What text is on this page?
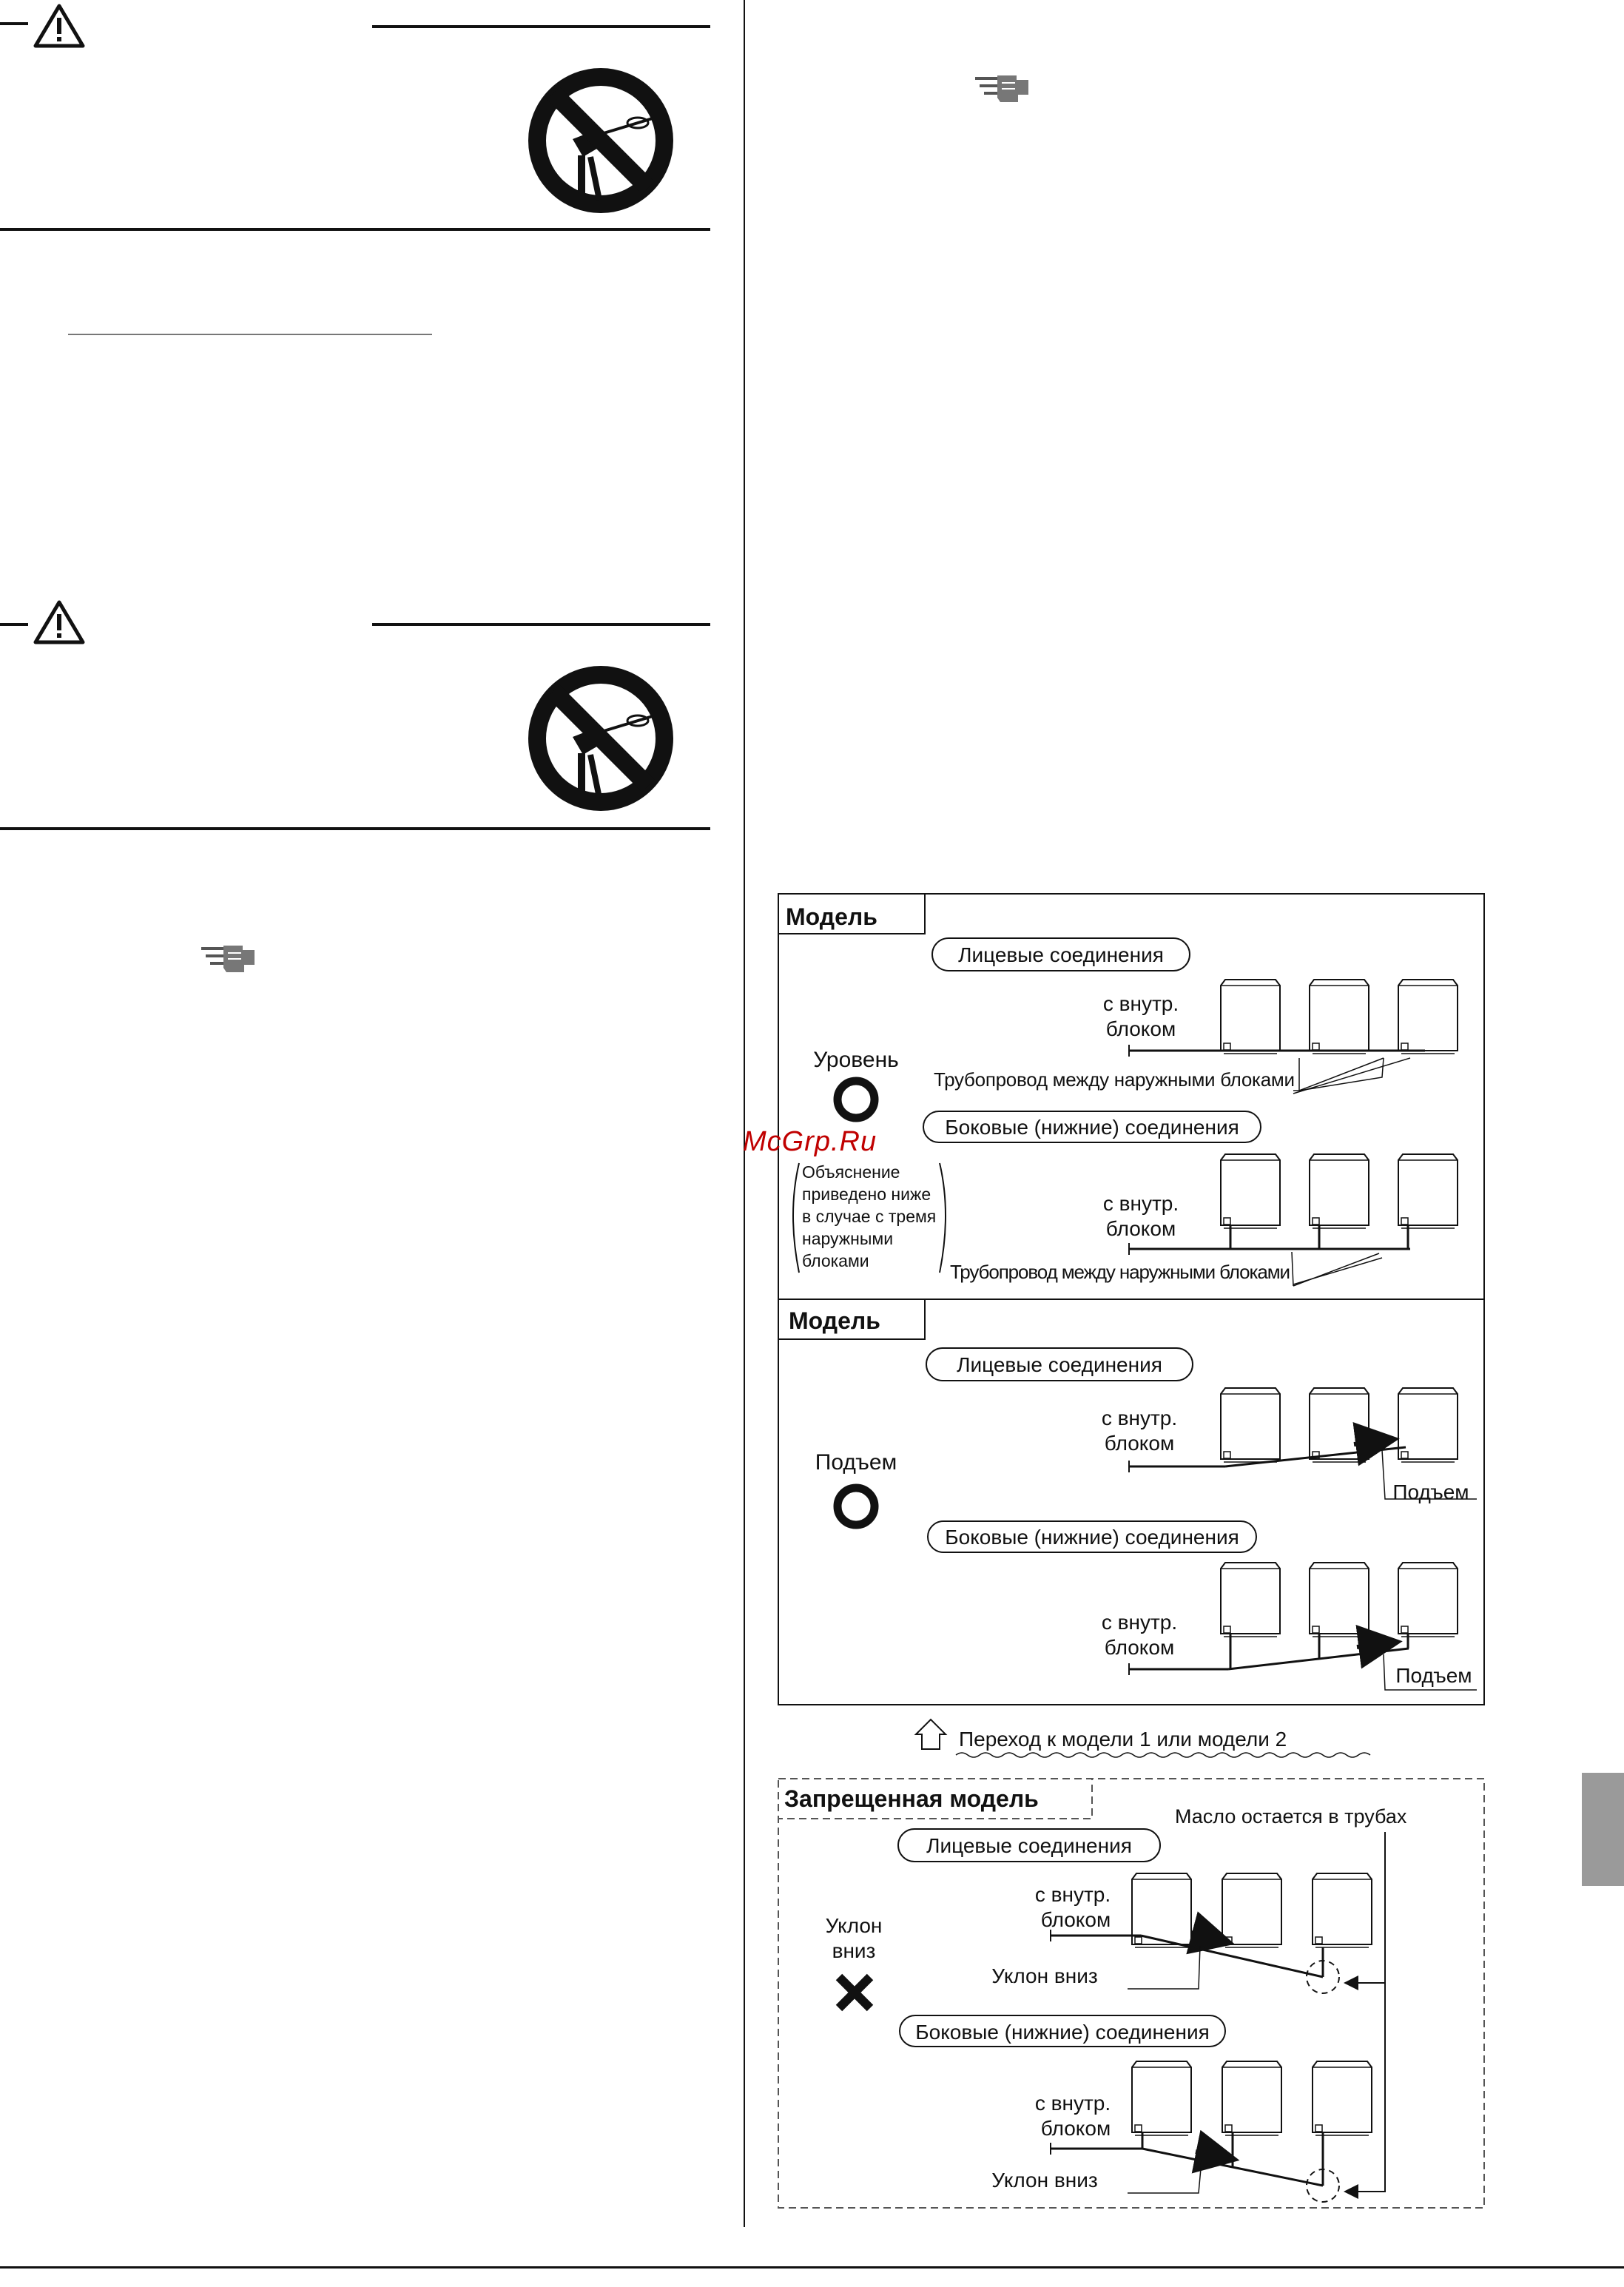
Модель
Лицевые соединения
Уровень
с внутр.
блоком
Трубопровод между наружными блоками
Боковые (нижние) соединения
Объяснение
приведено ниже
в случае с тремя
наружными
блоками
с внутр.
блоком
Трубопровод между наружными блоками
Модель
Лицевые соединения
Подъем
с внутр.
блоком
Подъем
Боковые (нижние) соединения
с внутр.
блоком
Подъем
Переход к модели 1 или модели 2
Запрещенная модель
Масло остается в трубах
Лицевые соединения
Уклон
вниз
с внутр.
блоком
Уклон вниз
Боковые (нижние) соединения
с внутр.
блоком
Уклон вниз
McGrp.Ru
